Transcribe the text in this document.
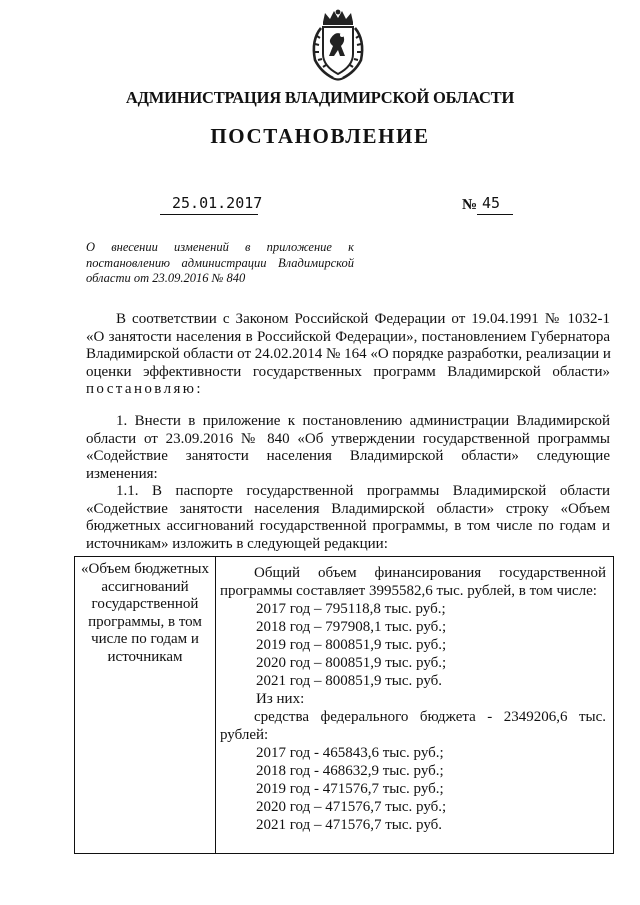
АДМИНИСТРАЦИЯ ВЛАДИМИРСКОЙ ОБЛАСТИ
ПОСТАНОВЛЕНИЕ
25.01.2017	№ 45
О внесении изменений в приложение к
постановлению администрации Владимирской
области от 23.09.2016 № 840
В соответствии с Законом Российской Федерации от 19.04.1991 № 1032-1
«О занятости населения в Российской Федерации», постановлением Губернатора
Владимирской области от 24.02.2014 № 164 «О порядке разработки, реализации и
оценки эффективности государственных программ Владимирской области»
постановляю:
1. Внести в приложение к постановлению администрации Владимирской
области от 23.09.2016 № 840 «Об утверждении государственной программы
«Содействие занятости населения Владимирской области» следующие
изменения:
1.1. В паспорте государственной программы Владимирской области
«Содействие занятости населения Владимирской области» строку «Объем
бюджетных ассигнований государственной программы, в том числе по годам и
источникам» изложить в следующей редакции:
«Объем бюджетных
ассигнований
государственной
программы, в том
числе по годам и
источникам
Общий объем финансирования государственной
программы составляет 3995582,6 тыс. рублей, в том числе:
2017 год – 795118,8 тыс. руб.;
2018 год – 797908,1 тыс. руб.;
2019 год – 800851,9 тыс. руб.;
2020 год – 800851,9 тыс. руб.;
2021 год – 800851,9 тыс. руб.
Из них:
средства федерального бюджета - 2349206,6 тыс.
рублей:
2017 год - 465843,6 тыс. руб.;
2018 год - 468632,9 тыс. руб.;
2019 год - 471576,7 тыс. руб.;
2020 год – 471576,7 тыс. руб.;
2021 год – 471576,7 тыс. руб.
